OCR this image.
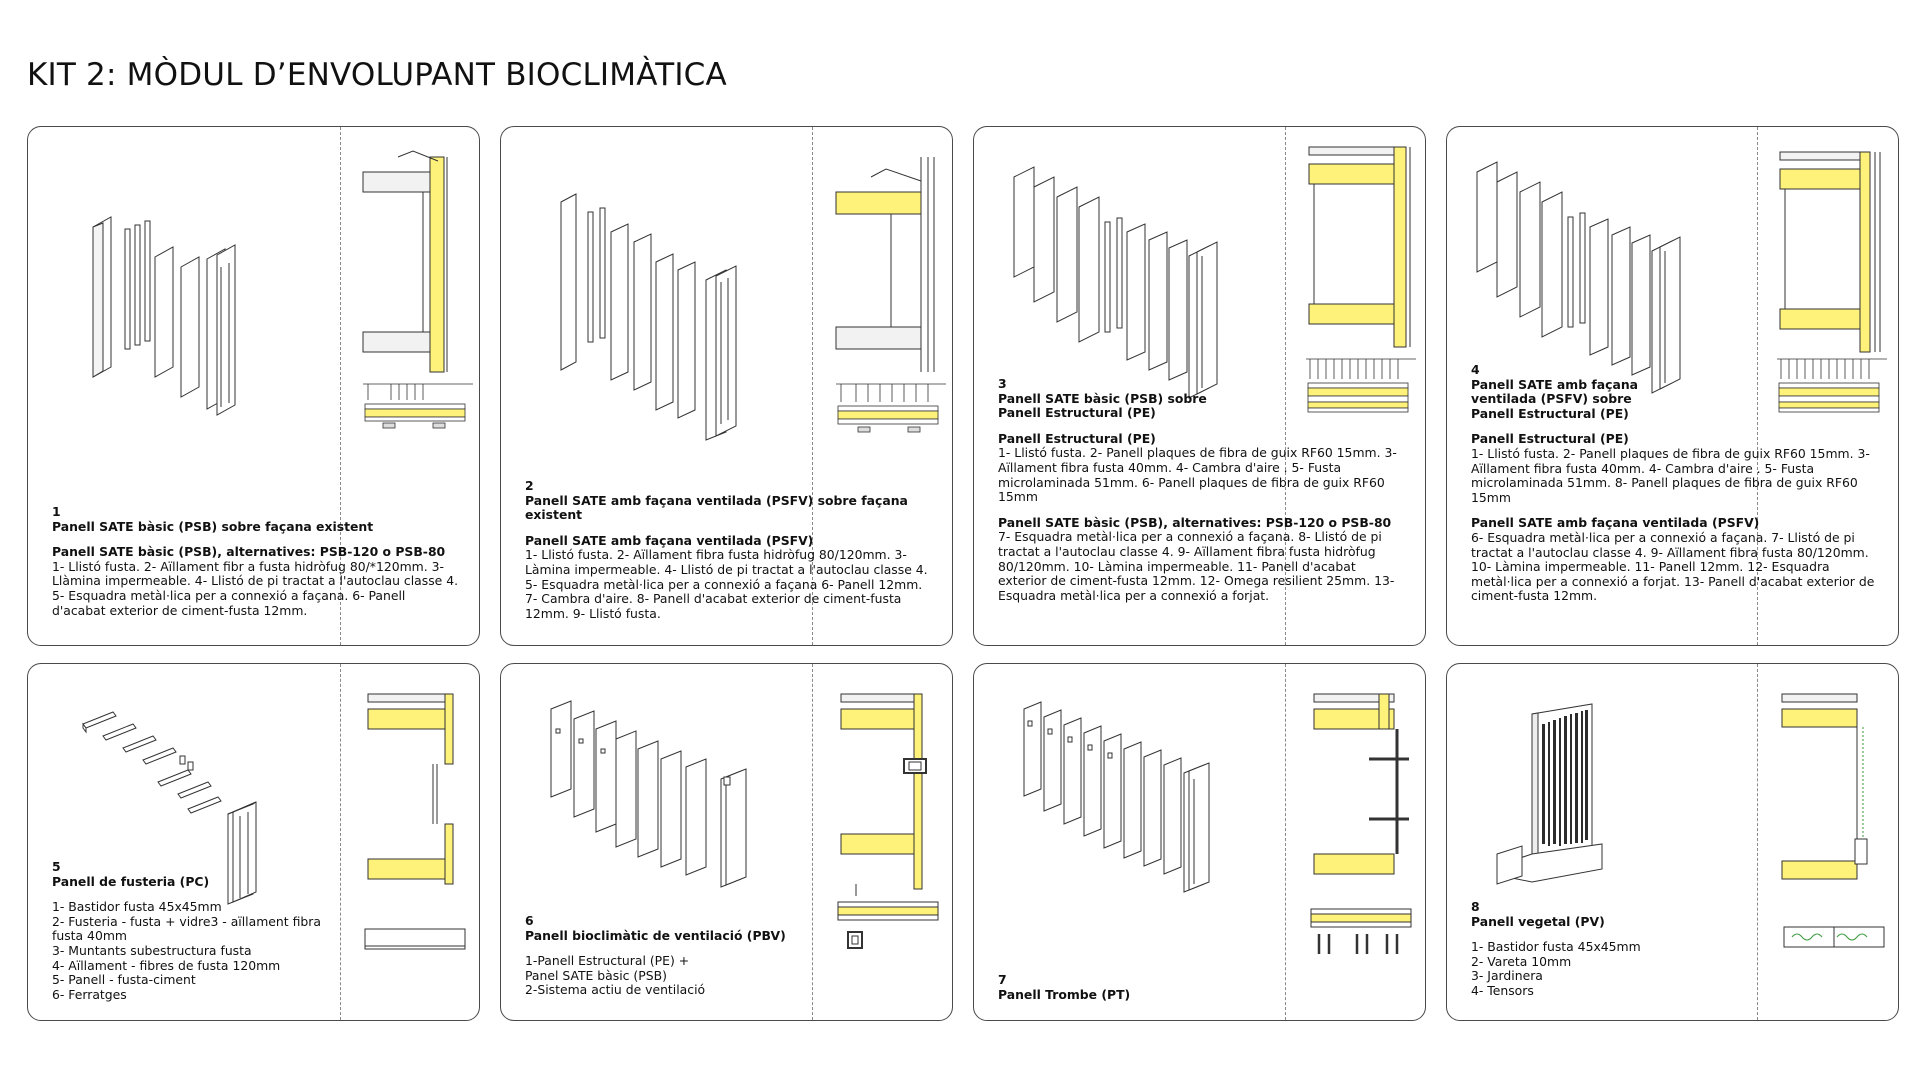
KIT 2: MÒDUL D’ENVOLUPANT BIOCLIMÀTICA

1

Panell SATE bàsic (PSB) sobre façana existent

Panell SATE bàsic (PSB), alternatives: PSB-120 o PSB-80

1- Llistó fusta. 2- Aïllament fibr a fusta hidròfug 80/*120mm. 3- Llàmina impermeable. 4- Llistó de pi tractat a l'autoclau classe 4. 5- Esquadra metàl·lica per a connexió a façana. 6- Panell d'acabat exterior de ciment-fusta 12mm.

2

Panell SATE amb façana ventilada (PSFV) sobre façana existent

Panell SATE amb façana ventilada (PSFV)

1- Llistó fusta. 2- Aïllament fibra fusta hidròfug 80/120mm. 3- Làmina impermeable. 4- Llistó de pi tractat a l'autoclau classe 4. 5- Esquadra metàl·lica per a connexió a façana 6- Panell 12mm. 7- Cambra d'aire. 8- Panell d'acabat exterior de ciment-fusta 12mm. 9- Llistó fusta.

3

Panell SATE bàsic (PSB) sobre Panell Estructural (PE)

Panell Estructural (PE)

1- Llistó fusta. 2- Panell plaques de fibra de guix RF60 15mm. 3- Aïllament fibra fusta 40mm. 4- Cambra d'aire . 5- Fusta microlaminada 51mm. 6- Panell plaques de fibra de guix RF60 15mm

Panell SATE bàsic (PSB), alternatives: PSB-120 o PSB-80

7- Esquadra metàl·lica per a connexió a façana. 8- Llistó de pi tractat a l'autoclau classe 4. 9- Aïllament fibra fusta hidròfug 80/120mm. 10- Làmina impermeable. 11- Panell d'acabat exterior de ciment-fusta 12mm. 12- Omega resilient 25mm. 13- Esquadra metàl·lica per a connexió a forjat.

4

Panell SATE amb façana ventilada (PSFV) sobre Panell Estructural (PE)

Panell Estructural (PE)

1- Llistó fusta. 2- Panell plaques de fibra de guix RF60 15mm. 3- Aïllament fibra fusta 40mm. 4- Cambra d'aire . 5- Fusta microlaminada 51mm. 8- Panell plaques de fibra de guix RF60 15mm

Panell SATE amb façana ventilada (PSFV)

6- Esquadra metàl·lica per a connexió a façana. 7- Llistó de pi tractat a l'autoclau classe 4. 9- Aïllament fibra fusta 80/120mm. 10- Làmina impermeable. 11- Panell 12mm. 12- Esquadra metàl·lica per a connexió a forjat. 13- Panell d'acabat exterior de ciment-fusta 12mm.

5

Panell de fusteria (PC)

1- Bastidor fusta 45x45mm
2- Fusteria - fusta + vidre3 - aïllament fibra fusta 40mm
3- Muntants subestructura fusta
4- Aïllament - fibres de fusta 120mm
5- Panell - fusta-ciment
6- Ferratges

6

Panell bioclimàtic de ventilació (PBV)

1-Panell Estructural (PE) +
Panel SATE bàsic (PSB)
2-Sistema actiu de ventilació

7

Panell Trombe (PT)

8

Panell vegetal (PV)

1- Bastidor fusta 45x45mm
2- Vareta 10mm
3- Jardinera
4- Tensors
